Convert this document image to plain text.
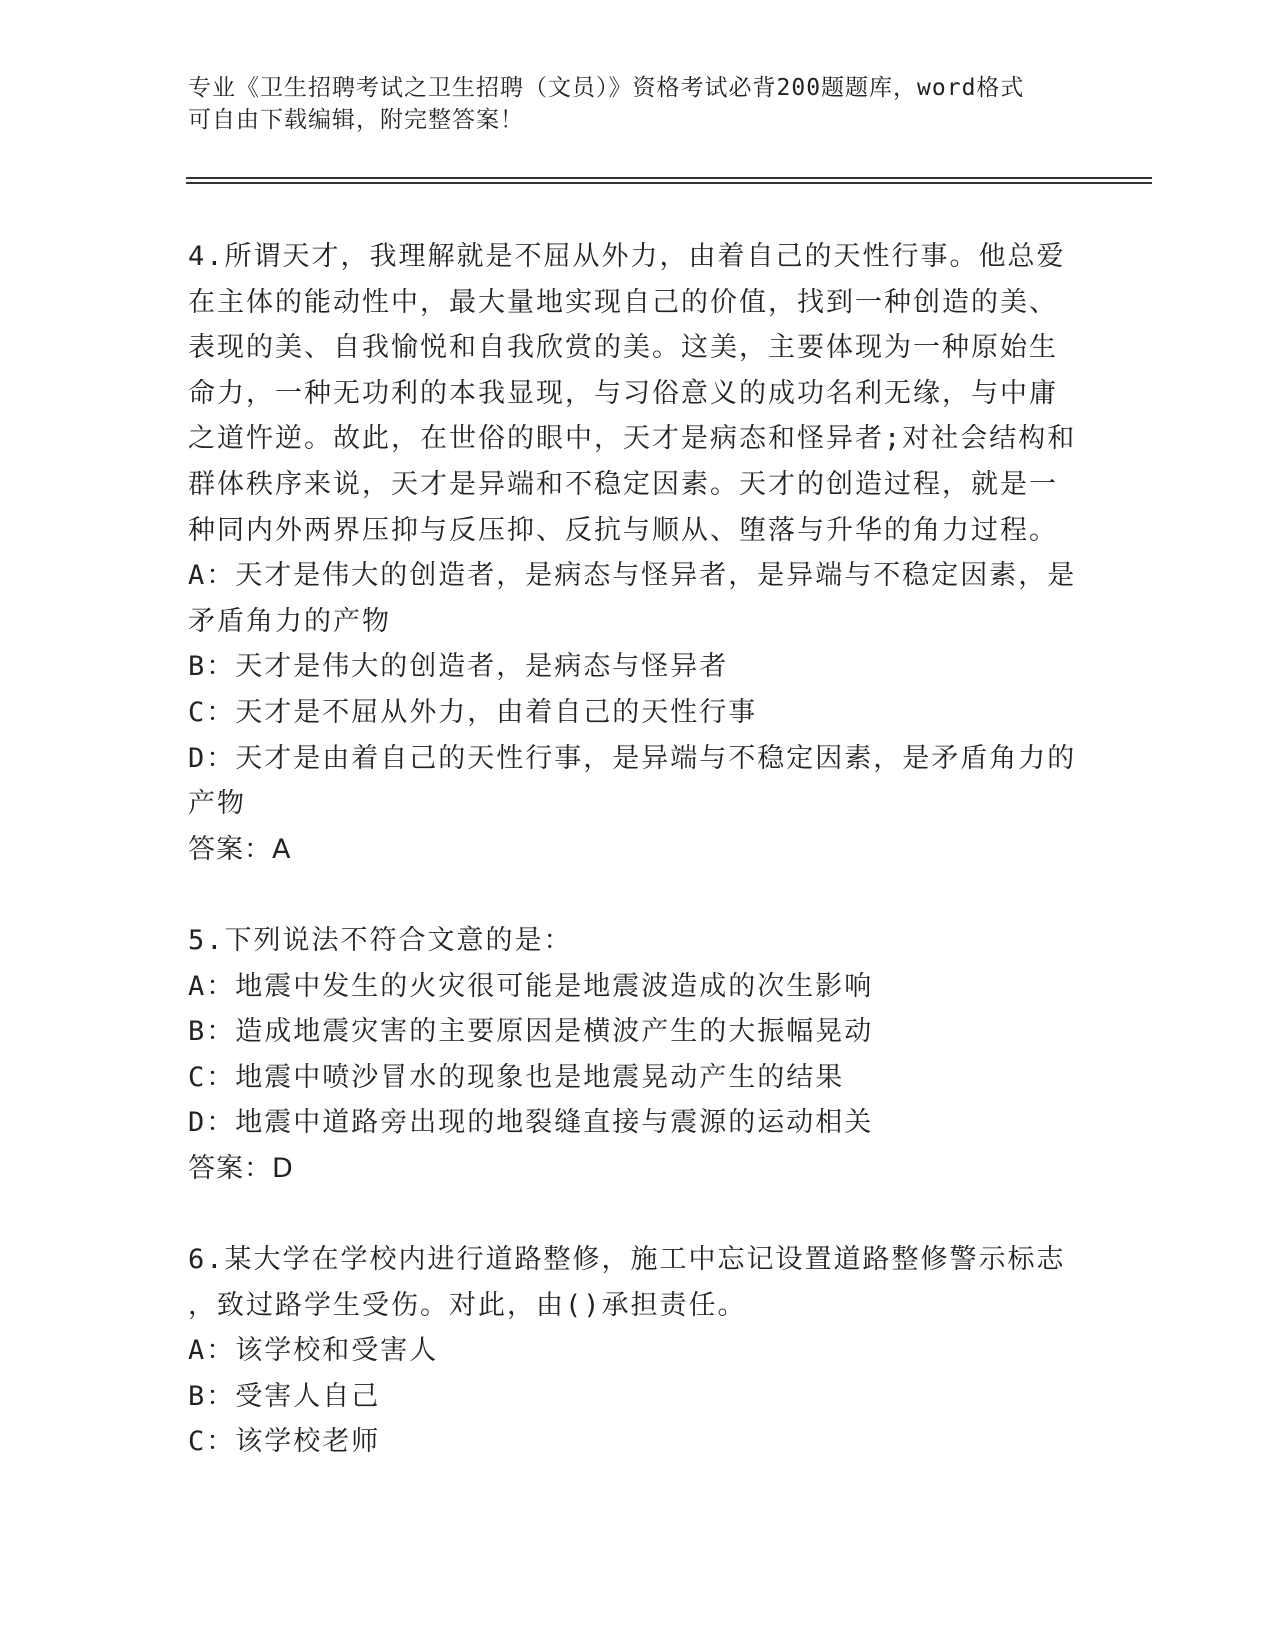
专业《卫生招聘考试之卫生招聘（文员）》资格考试必背200题题库，word格式
可自由下载编辑，附完整答案！

4.所谓天才，我理解就是不屈从外力，由着自己的天性行事。他总爱

在主体的能动性中，最大量地实现自己的价值，找到一种创造的美、

表现的美、自我愉悦和自我欣赏的美。这美，主要体现为一种原始生

命力，一种无功利的本我显现，与习俗意义的成功名利无缘，与中庸

之道忤逆。故此，在世俗的眼中，天才是病态和怪异者;对社会结构和

群体秩序来说，天才是异端和不稳定因素。天才的创造过程，就是一

种同内外两界压抑与反压抑、反抗与顺从、堕落与升华的角力过程。

A：天才是伟大的创造者，是病态与怪异者，是异端与不稳定因素，是

矛盾角力的产物

B：天才是伟大的创造者，是病态与怪异者

C：天才是不屈从外力，由着自己的天性行事

D：天才是由着自己的天性行事，是异端与不稳定因素，是矛盾角力的

产物

答案：A

5.下列说法不符合文意的是：

A：地震中发生的火灾很可能是地震波造成的次生影响

B：造成地震灾害的主要原因是横波产生的大振幅晃动

C：地震中喷沙冒水的现象也是地震晃动产生的结果

D：地震中道路旁出现的地裂缝直接与震源的运动相关

答案：D

6.某大学在学校内进行道路整修，施工中忘记设置道路整修警示标志

，致过路学生受伤。对此，由()承担责任。

A：该学校和受害人

B：受害人自己

C：该学校老师
